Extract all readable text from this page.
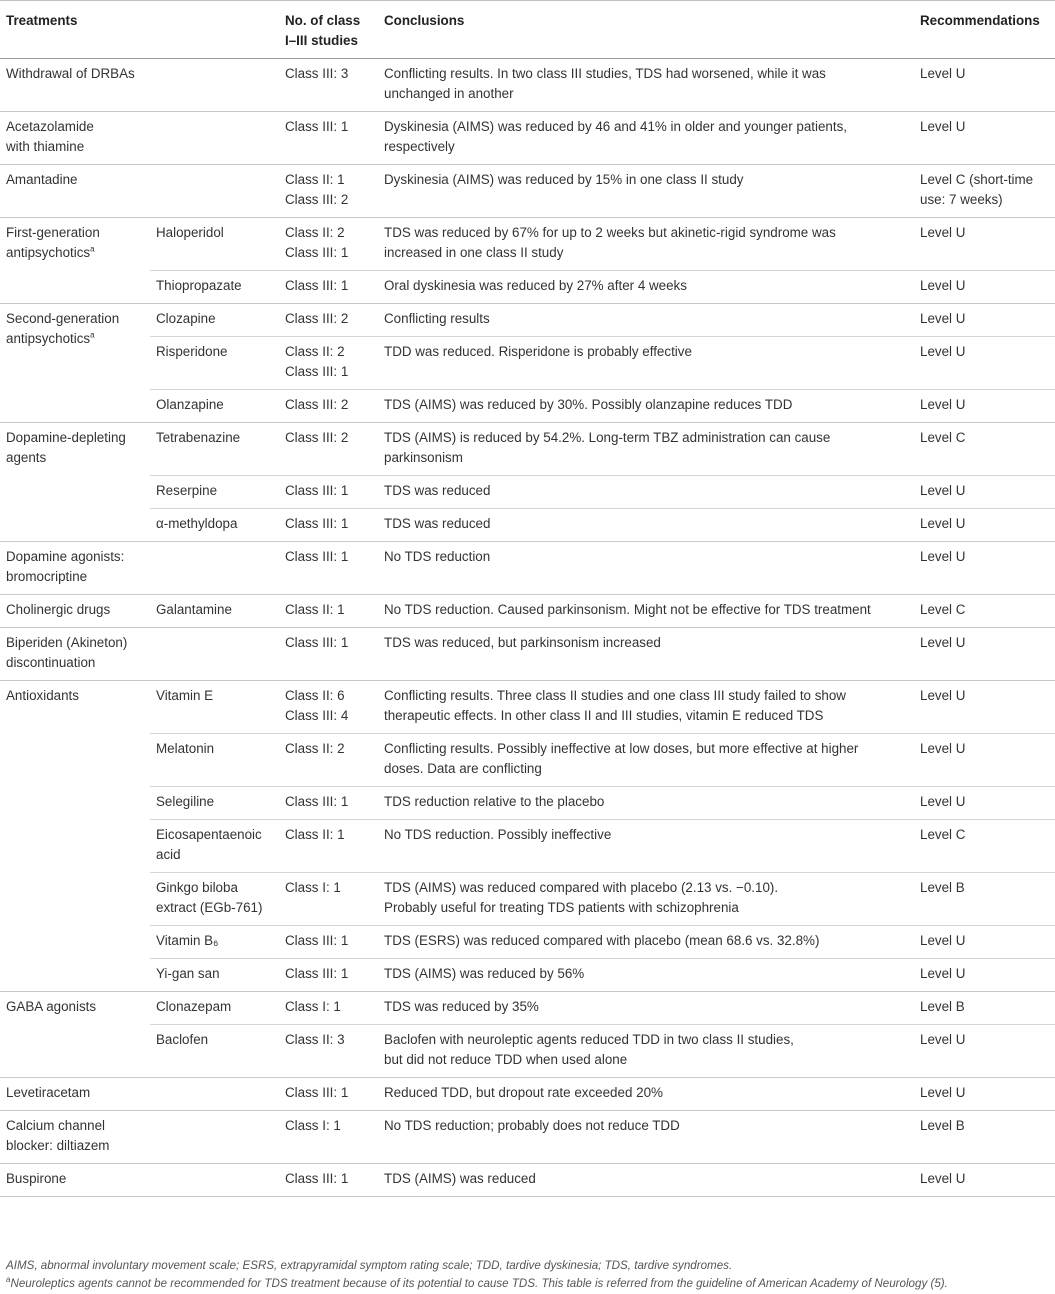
Treatments		No. of class I–III studies	Conclusions	Recommendations
Withdrawal of DRBAs		Class III: 3	Conflicting results. In two class III studies, TDS had worsened, while it was
unchanged in another	Level U
Acetazolamide
with thiamine		Class III: 1	Dyskinesia (AIMS) was reduced by 46 and 41% in older and younger patients,
respectively	Level U
Amantadine		Class II: 1
Class III: 2	Dyskinesia (AIMS) was reduced by 15% in one class II study	Level C (short-time
use: 7 weeks)
First-generation
antipsychotics$^a$	Haloperidol	Class II: 2
Class III: 1	TDS was reduced by 67% for up to 2 weeks but akinetic-rigid syndrome was
increased in one class II study	Level U
	Thiopropazate	Class III: 1	Oral dyskinesia was reduced by 27% after 4 weeks	Level U
Second-generation
antipsychotics$^a$	Clozapine	Class III: 2	Conflicting results	Level U
	Risperidone	Class II: 2
Class III: 1	TDD was reduced. Risperidone is probably effective	Level U
	Olanzapine	Class III: 2	TDS (AIMS) was reduced by 30%. Possibly olanzapine reduces TDD	Level U
Dopamine-depleting
agents	Tetrabenazine	Class III: 2	TDS (AIMS) is reduced by 54.2%. Long-term TBZ administration can cause
parkinsonism	Level C
	Reserpine	Class III: 1	TDS was reduced	Level U
	α-methyldopa	Class III: 1	TDS was reduced	Level U
Dopamine agonists:
bromocriptine		Class III: 1	No TDS reduction	Level U
Cholinergic drugs	Galantamine	Class II: 1	No TDS reduction. Caused parkinsonism. Might not be effective for TDS treatment	Level C
Biperiden (Akineton)
discontinuation		Class III: 1	TDS was reduced, but parkinsonism increased	Level U
Antioxidants	Vitamin E	Class II: 6
Class III: 4	Conflicting results. Three class II studies and one class III study failed to show
therapeutic effects. In other class II and III studies, vitamin E reduced TDS	Level U
	Melatonin	Class II: 2	Conflicting results. Possibly ineffective at low doses, but more effective at higher
doses. Data are conflicting	Level U
	Selegiline	Class III: 1	TDS reduction relative to the placebo	Level U
	Eicosapentaenoic
acid	Class II: 1	No TDS reduction. Possibly ineffective	Level C
	Ginkgo biloba
extract (EGb-761)	Class I: 1	TDS (AIMS) was reduced compared with placebo (2.13 vs. −0.10).
Probably useful for treating TDS patients with schizophrenia	Level B
	Vitamin B₆	Class III: 1	TDS (ESRS) was reduced compared with placebo (mean 68.6 vs. 32.8%)	Level U
	Yi-gan san	Class III: 1	TDS (AIMS) was reduced by 56%	Level U
GABA agonists	Clonazepam	Class I: 1	TDS was reduced by 35%	Level B
	Baclofen	Class II: 3	Baclofen with neuroleptic agents reduced TDD in two class II studies,
but did not reduce TDD when used alone	Level U
Levetiracetam		Class III: 1	Reduced TDD, but dropout rate exceeded 20%	Level U
Calcium channel
blocker: diltiazem		Class I: 1	No TDS reduction; probably does not reduce TDD	Level B
Buspirone		Class III: 1	TDS (AIMS) was reduced	Level U
AIMS, abnormal involuntary movement scale; ESRS, extrapyramidal symptom rating scale; TDD, tardive dyskinesia; TDS, tardive syndromes.
$^a$Neuroleptics agents cannot be recommended for TDS treatment because of its potential to cause TDS. This table is referred from the guideline of American Academy of Neurology (5).
